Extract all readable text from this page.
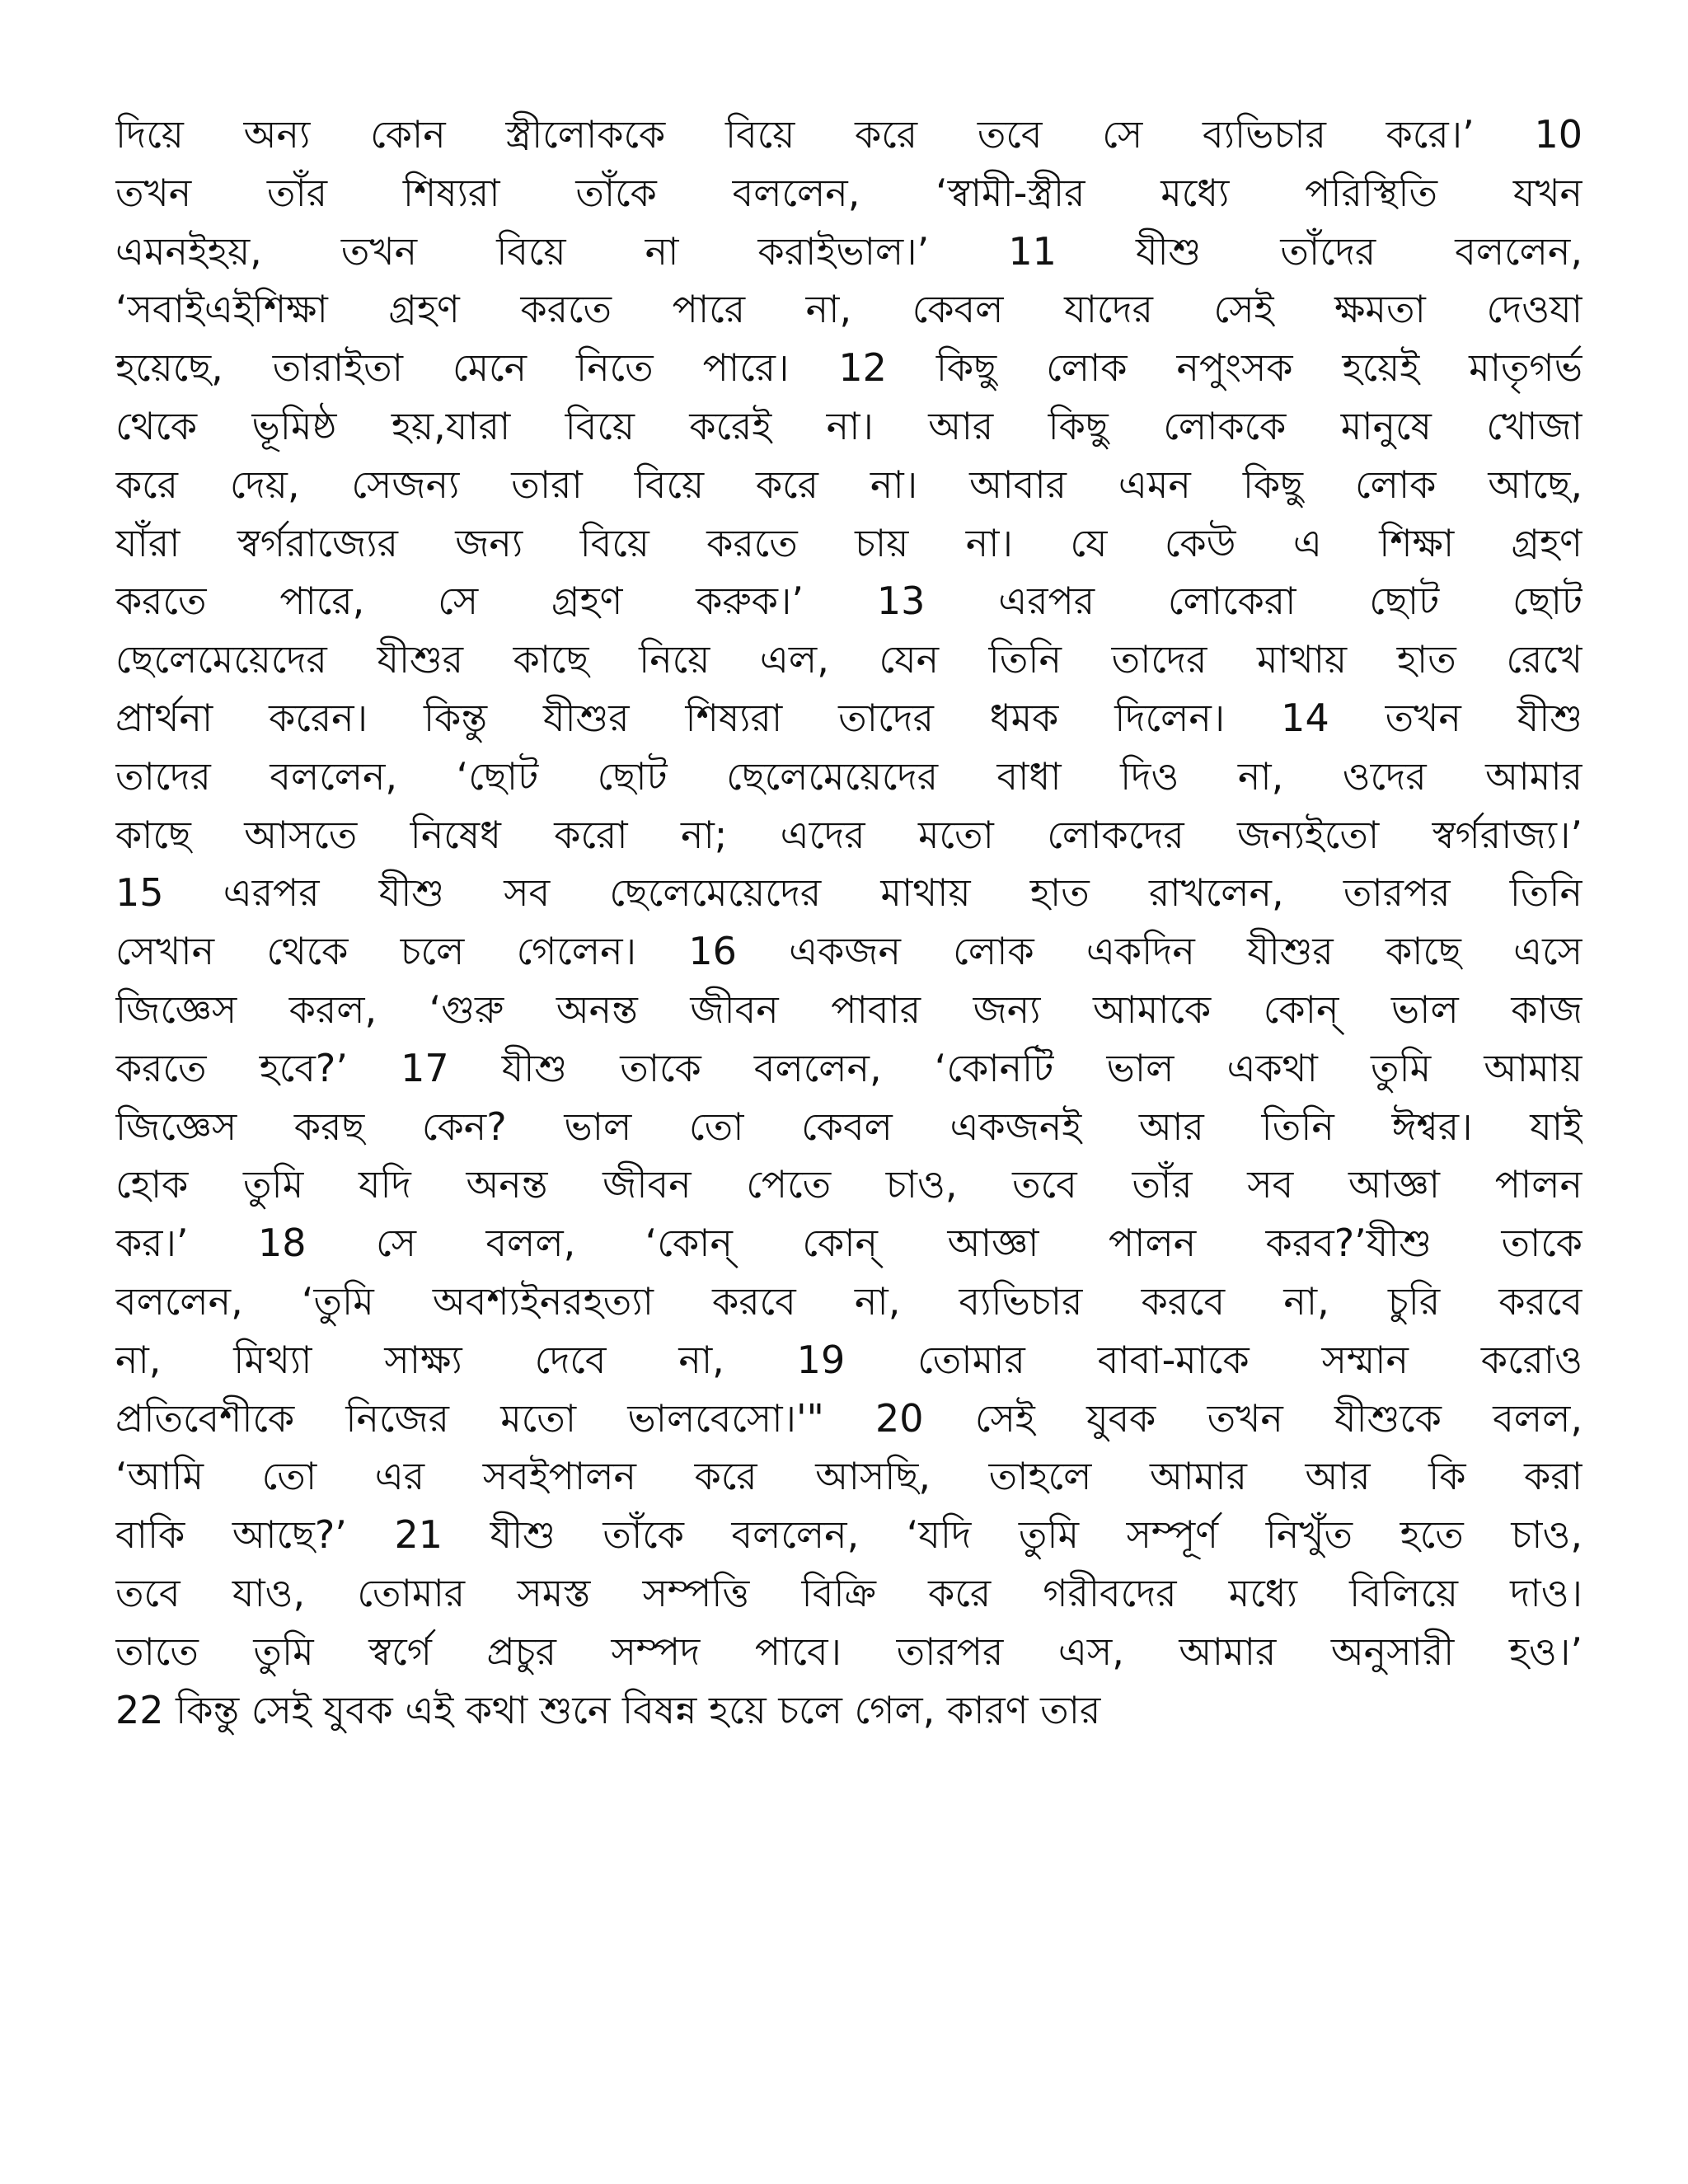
দিয়ে অন্য কোন স্ত্রীলোককে বিয়ে করে তবে সে ব্যভিচার করে।’ 10
তখন তাঁর শিষ্যরা তাঁকে বললেন, ‘স্বামী-স্ত্রীর মধ্যে পরিস্থিতি যখন
এমনইহয়, তখন বিয়ে না করাইভাল।’ 11 যীশু তাঁদের বললেন,
‘সবাইএইশিক্ষা গ্রহণ করতে পারে না, কেবল যাদের সেই ক্ষমতা দেওযা
হয়েছে, তারাইতা মেনে নিতে পারে। 12 কিছু লোক নপুংসক হয়েই মাতৃগর্ভ
থেকে ভূমিষ্ঠ হয়,যারা বিয়ে করেই না। আর কিছু লোককে মানুষে খোজা
করে দেয়, সেজন্য তারা বিয়ে করে না। আবার এমন কিছু লোক আছে,
যাঁরা স্বর্গরাজ্যের জন্য বিয়ে করতে চায় না। যে কেউ এ শিক্ষা গ্রহণ
করতে পারে, সে গ্রহণ করুক।’ 13 এরপর লোকেরা ছোট ছোট
ছেলেমেয়েদের যীশুর কাছে নিয়ে এল, যেন তিনি তাদের মাথায় হাত রেখে
প্রার্থনা করেন। কিন্তু যীশুর শিষ্যরা তাদের ধমক দিলেন। 14 তখন যীশু
তাদের বললেন, ‘ছোট ছোট ছেলেমেয়েদের বাধা দিও না, ওদের আমার
কাছে আসতে নিষেধ করো না; এদের মতো লোকদের জন্যইতো স্বর্গরাজ্য।’
15 এরপর যীশু সব ছেলেমেয়েদের মাথায় হাত রাখলেন, তারপর তিনি
সেখান থেকে চলে গেলেন। 16 একজন লোক একদিন যীশুর কাছে এসে
জিজ্ঞেস করল, ‘গুরু অনন্ত জীবন পাবার জন্য আমাকে কোন্ ভাল কাজ
করতে হবে?’ 17 যীশু তাকে বললেন, ‘কোনটি ভাল একথা তুমি আমায়
জিজ্ঞেস করছ কেন? ভাল তো কেবল একজনই আর তিনি ঈশ্বর। যাই
হোক তুমি যদি অনন্ত জীবন পেতে চাও, তবে তাঁর সব আজ্ঞা পালন
কর।’ 18 সে বলল, ‘কোন্ কোন্ আজ্ঞা পালন করব?’যীশু তাকে
বললেন, ‘তুমি অবশ্যইনরহত্যা করবে না, ব্যভিচার করবে না, চুরি করবে
না, মিথ্যা সাক্ষ্য দেবে না, 19 তোমার বাবা-মাকে সম্মান করোও
প্রতিবেশীকে নিজের মতো ভালবেসো।'" 20 সেই যুবক তখন যীশুকে বলল,
‘আমি তো এর সবইপালন করে আসছি, তাহলে আমার আর কি করা
বাকি আছে?’ 21 যীশু তাঁকে বললেন, ‘যদি তুমি সম্পূর্ণ নিখুঁত হতে চাও,
তবে যাও, তোমার সমস্ত সম্পত্তি বিক্রি করে গরীবদের মধ্যে বিলিয়ে দাও।
তাতে তুমি স্বর্গে প্রচুর সম্পদ পাবে। তারপর এস, আমার অনুসারী হও।’
22 কিন্তু সেই যুবক এই কথা শুনে বিষন্ন হয়ে চলে গেল, কারণ তার
